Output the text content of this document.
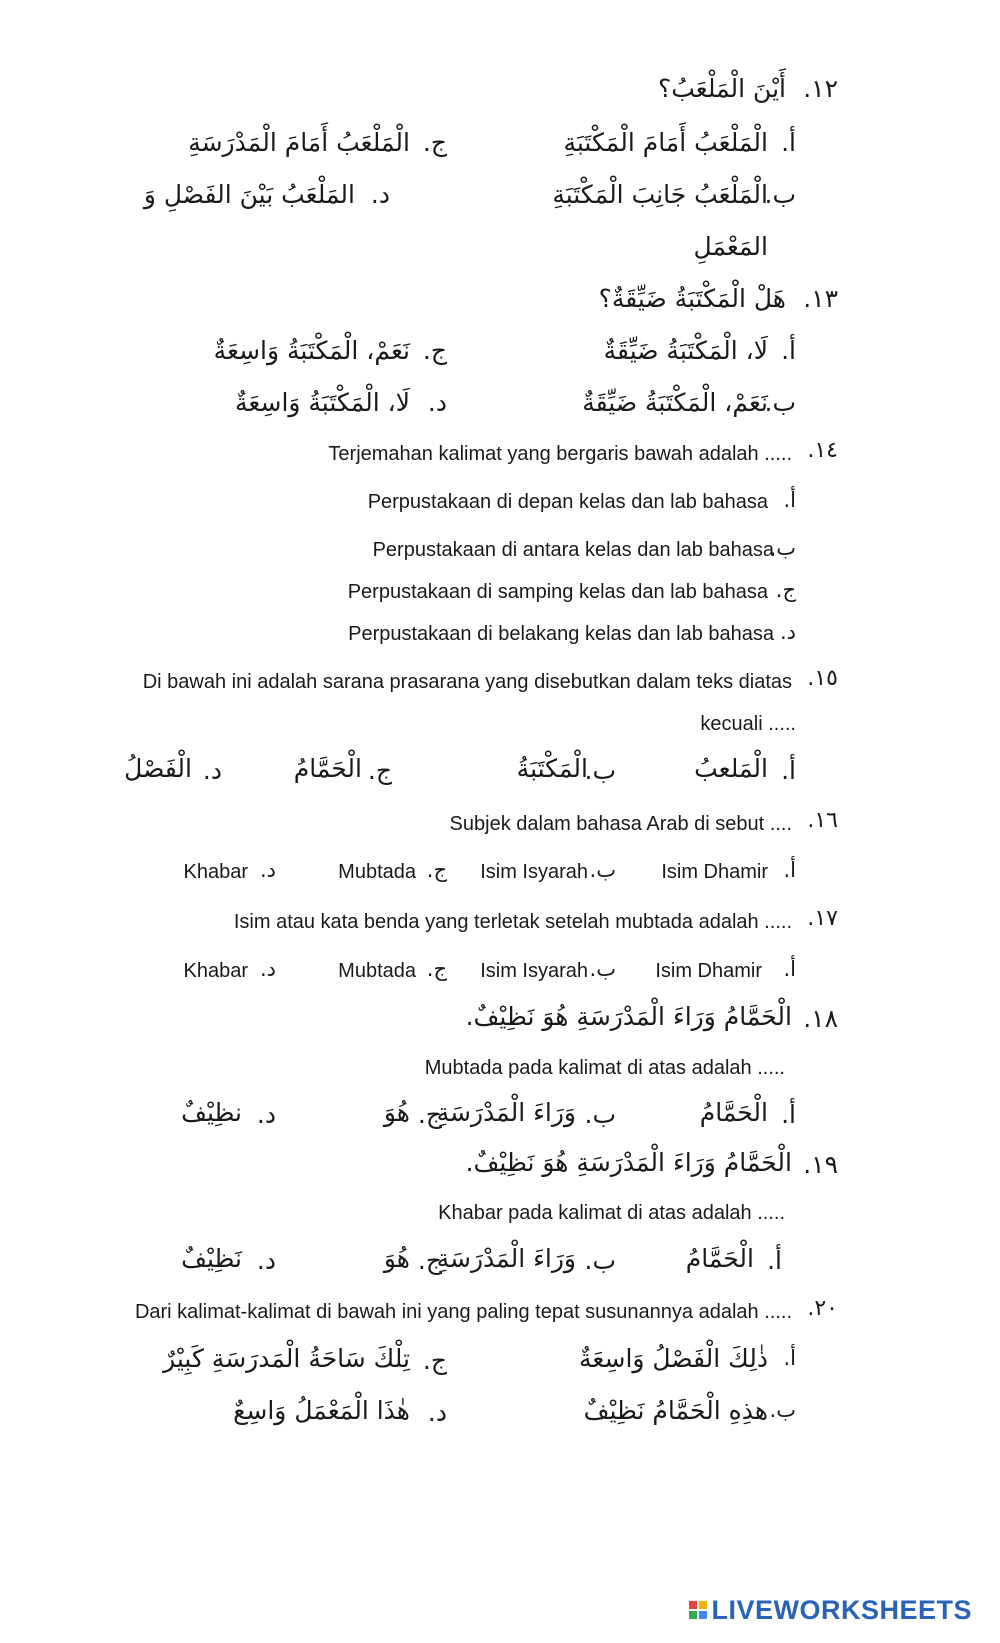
١٢.
أَيْنَ الْمَلْعَبُ؟
أ.
الْمَلْعَبُ أَمَامَ الْمَكْتَبَةِ
ج.
الْمَلْعَبُ أَمَامَ الْمَدْرَسَةِ
ب.
الْمَلْعَبُ جَانِبَ الْمَكْتَبَةِ
د.
المَلْعَبُ بَيْنَ الفَصْلِ وَ
المَعْمَلِ
١٣.
هَلْ الْمَكْتَبَةُ ضَيِّقَةٌ؟
أ.
لَا، الْمَكْتَبَةُ ضَيِّقَةٌ
ج.
نَعَمْ، الْمَكْتَبَةُ وَاسِعَةٌ
ب.
نَعَمْ، الْمَكْتَبَةُ ضَيِّقَةٌ
د.
لَا، الْمَكْتَبَةُ وَاسِعَةٌ
١٤.
Terjemahan kalimat yang bergaris bawah adalah .....
أ.
Perpustakaan di depan kelas dan lab bahasa
ب.
Perpustakaan di antara kelas dan lab bahasa
ج.
Perpustakaan di samping kelas dan lab bahasa
د.
Perpustakaan di belakang kelas dan lab bahasa
١٥.
Di bawah ini adalah sarana prasarana yang disebutkan dalam teks diatas
kecuali .....
أ.
الْمَلعبُ
ب.
الْمَكْتَبَةُ
ج.
الْحَمَّامُ
د.
الْفَصْلُ
١٦.
Subjek dalam bahasa Arab di sebut ....
أ.
Isim Dhamir
ب.
Isim Isyarah
ج.
Mubtada
د.
Khabar
١٧.
Isim atau kata benda yang terletak setelah mubtada adalah .....
أ.
Isim Dhamir
ب.
Isim Isyarah
ج.
Mubtada
د.
Khabar
١٨.
الْحَمَّامُ وَرَاءَ الْمَدْرَسَةِ هُوَ نَظِيْفٌ.
Mubtada pada kalimat di atas adalah .....
أ.
الْحَمَّامُ
ب.
وَرَاءَ الْمَدْرَسَةِ
ج.
هُوَ
د.
نظِيْفٌ
١٩.
الْحَمَّامُ وَرَاءَ الْمَدْرَسَةِ هُوَ نَظِيْفٌ.
Khabar pada kalimat di atas adalah .....
أ.
الْحَمَّامُ
ب.
وَرَاءَ الْمَدْرَسَةِ
ج.
هُوَ
د.
نَظِيْفٌ
٢٠.
Dari kalimat-kalimat di bawah ini yang paling tepat susunannya adalah .....
أ.
ذٰلِكَ الْفَصْلُ وَاسِعَةٌ
ج.
تِلْكَ سَاحَةُ الْمَدرَسَةِ كَبِيْرٌ
ب.
هذِهِ الْحَمَّامُ نَظِيْفٌ
د.
هٰذَا الْمَعْمَلُ وَاسِعٌ
LIVEWORKSHEETS
